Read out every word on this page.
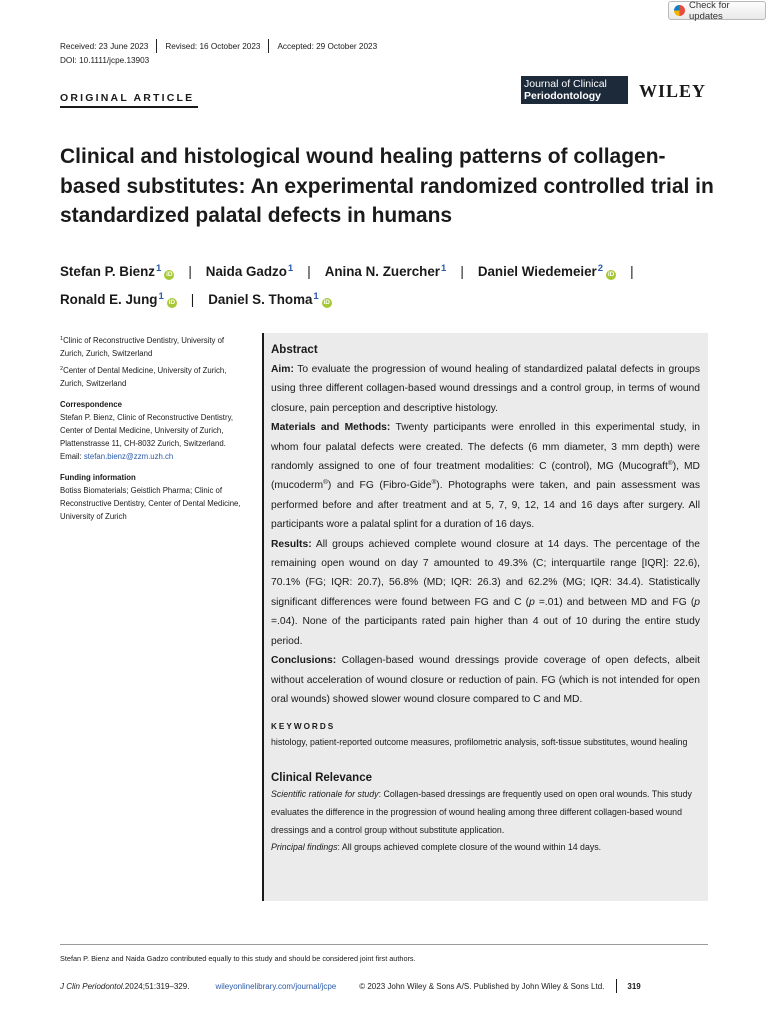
Check for updates
Received: 23 June 2023 Revised: 16 October 2023 Accepted: 29 October 2023
DOI: 10.1111/jcpe.13903
ORIGINAL ARTICLE
Journal of Clinical
Periodontology	WILEY
Clinical and histological wound healing patterns of collagen-based substitutes: An experimental randomized controlled trial in standardized palatal defects in humans
Stefan P. Bienz$^1$iD | Naida Gadzo$^1$ | Anina N. Zuercher$^1$ | Daniel Wiedemeier$^2$iD |
Ronald E. Jung$^1$iD | Daniel S. Thoma$^1$iD

$^1$Clinic of Reconstructive Dentistry, University of Zurich, Zurich, Switzerland

$^2$Center of Dental Medicine, University of Zurich, Zurich, Switzerland

Correspondence

Stefan P. Bienz, Clinic of Reconstructive Dentistry, Center of Dental Medicine, University of Zurich, Plattenstrasse 11, CH-8032 Zurich, Switzerland.
Email: stefan.bienz@zzm.uzh.ch

Funding information

Botiss Biomaterials; Geistlich Pharma; Clinic of Reconstructive Dentistry, Center of Dental Medicine, University of Zurich

Abstract

Aim: To evaluate the progression of wound healing of standardized palatal defects in groups using three different collagen-based wound dressings and a control group, in terms of wound closure, pain perception and descriptive histology.

Materials and Methods: Twenty participants were enrolled in this experimental study, in whom four palatal defects were created. The defects (6 mm diameter, 3 mm depth) were randomly assigned to one of four treatment modalities: C (control), MG (Mucograft®), MD (mucoderm®) and FG (Fibro-Gide®). Photographs were taken, and pain assessment was performed before and after treatment and at 5, 7, 9, 12, 14 and 16 days after surgery. All participants wore a palatal splint for a duration of 16 days.

Results: All groups achieved complete wound closure at 14 days. The percentage of the remaining open wound on day 7 amounted to 49.3% (C; interquartile range [IQR]: 22.6), 70.1% (FG; IQR: 20.7), 56.8% (MD; IQR: 26.3) and 62.2% (MG; IQR: 34.4). Statistically significant differences were found between FG and C (p =.01) and between MD and FG (p =.04). None of the participants rated pain higher than 4 out of 10 during the entire study period.

Conclusions: Collagen-based wound dressings provide coverage of open defects, albeit without acceleration of wound closure or reduction of pain. FG (which is not intended for open oral wounds) showed slower wound closure compared to C and MD.

KEYWORDS
histology, patient-reported outcome measures, profilometric analysis, soft-tissue substitutes, wound healing
Clinical Relevance
Scientific rationale for study: Collagen-based dressings are frequently used on open oral wounds. This study evaluates the difference in the progression of wound healing among three different collagen-based wound dressings and a control group without substitute application.
Principal findings: All groups achieved complete closure of the wound within 14 days.
Stefan P. Bienz and Naida Gadzo contributed equally to this study and should be considered joint first authors.
J Clin Periodontol. 2024;51:319–329.	wileyonlinelibrary.com/journal/jcpe	© 2023 John Wiley & Sons A/S. Published by John Wiley & Sons Ltd.	319
